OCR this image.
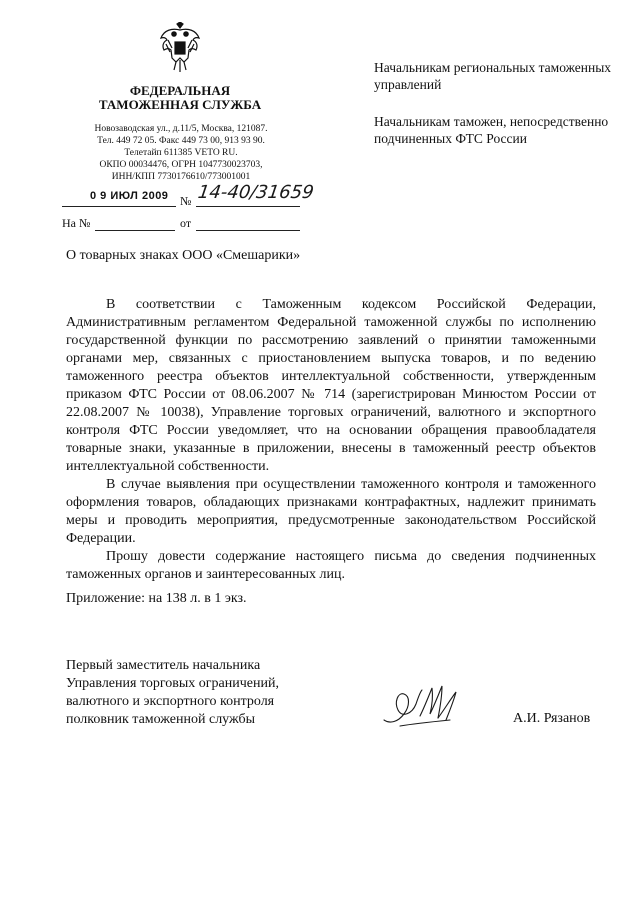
ФЕДЕРАЛЬНАЯ
ТАМОЖЕННАЯ СЛУЖБА
Новозаводская ул., д.11/5, Москва, 121087.
Тел. 449 72 05. Факс 449 73 00, 913 93 90.
Телетайп 611385 VETO RU.
ОКПО 00034476, ОГРН 1047730023703,
ИНН/КПП 7730176610/773001001
0 9 ИЮЛ 2009 № 14-40/31659
На №	от
Начальникам региональных таможенных управлений
Начальникам таможен, непосредственно подчиненных ФТС России
О товарных знаках ООО «Смешарики»

В соответствии с Таможенным кодексом Российской Федерации, Административным регламентом Федеральной таможенной службы по исполнению государственной функции по рассмотрению заявлений о принятии таможенными органами мер, связанных с приостановлением выпуска товаров, и по ведению таможенного реестра объектов интеллектуальной собственности, утвержденным приказом ФТС России от 08.06.2007 № 714 (зарегистрирован Минюстом России от 22.08.2007 № 10038), Управление торговых ограничений, валютного и экспортного контроля ФТС России уведомляет, что на основании обращения правообладателя товарные знаки, указанные в приложении, внесены в таможенный реестр объектов интеллектуальной собственности.

В случае выявления при осуществлении таможенного контроля и таможенного оформления товаров, обладающих признаками контрафактных, надлежит принимать меры и проводить мероприятия, предусмотренные законодательством Российской Федерации.

Прошу довести содержание настоящего письма до сведения подчиненных таможенных органов и заинтересованных лиц.

Приложение: на 138 л. в 1 экз.
Первый заместитель начальника
Управления торговых ограничений,
валютного и экспортного контроля
полковник таможенной службы	А.И. Рязанов
